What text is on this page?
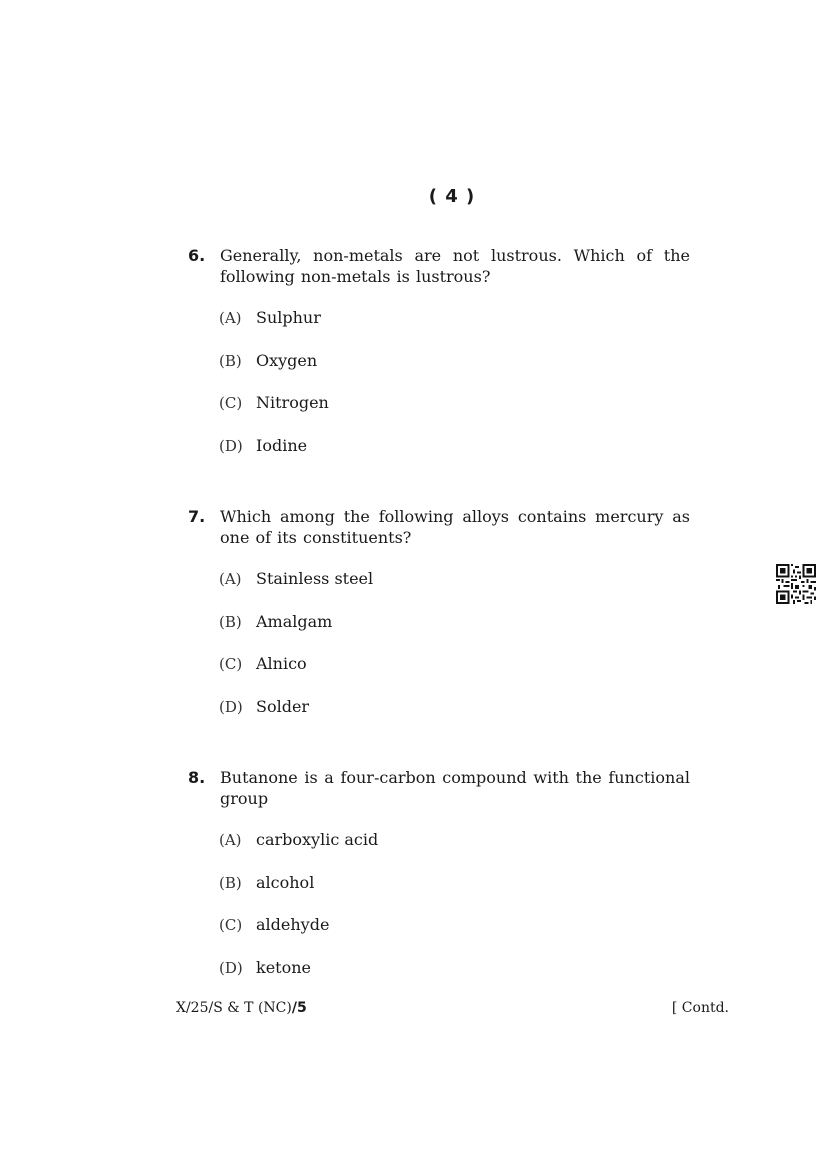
( 4 )
6. Generally, non-metals are not lustrous. Which of the following non-metals is lustrous?
(A) Sulphur
(B) Oxygen
(C) Nitrogen
(D) Iodine
7. Which among the following alloys contains mercury as one of its constituents?
(A) Stainless steel
(B) Amalgam
(C) Alnico
(D) Solder
8. Butanone is a four-carbon compound with the functional group
(A) carboxylic acid
(B) alcohol
(C) aldehyde
(D) ketone
X/25/S & T (NC)/5	[ Contd.
